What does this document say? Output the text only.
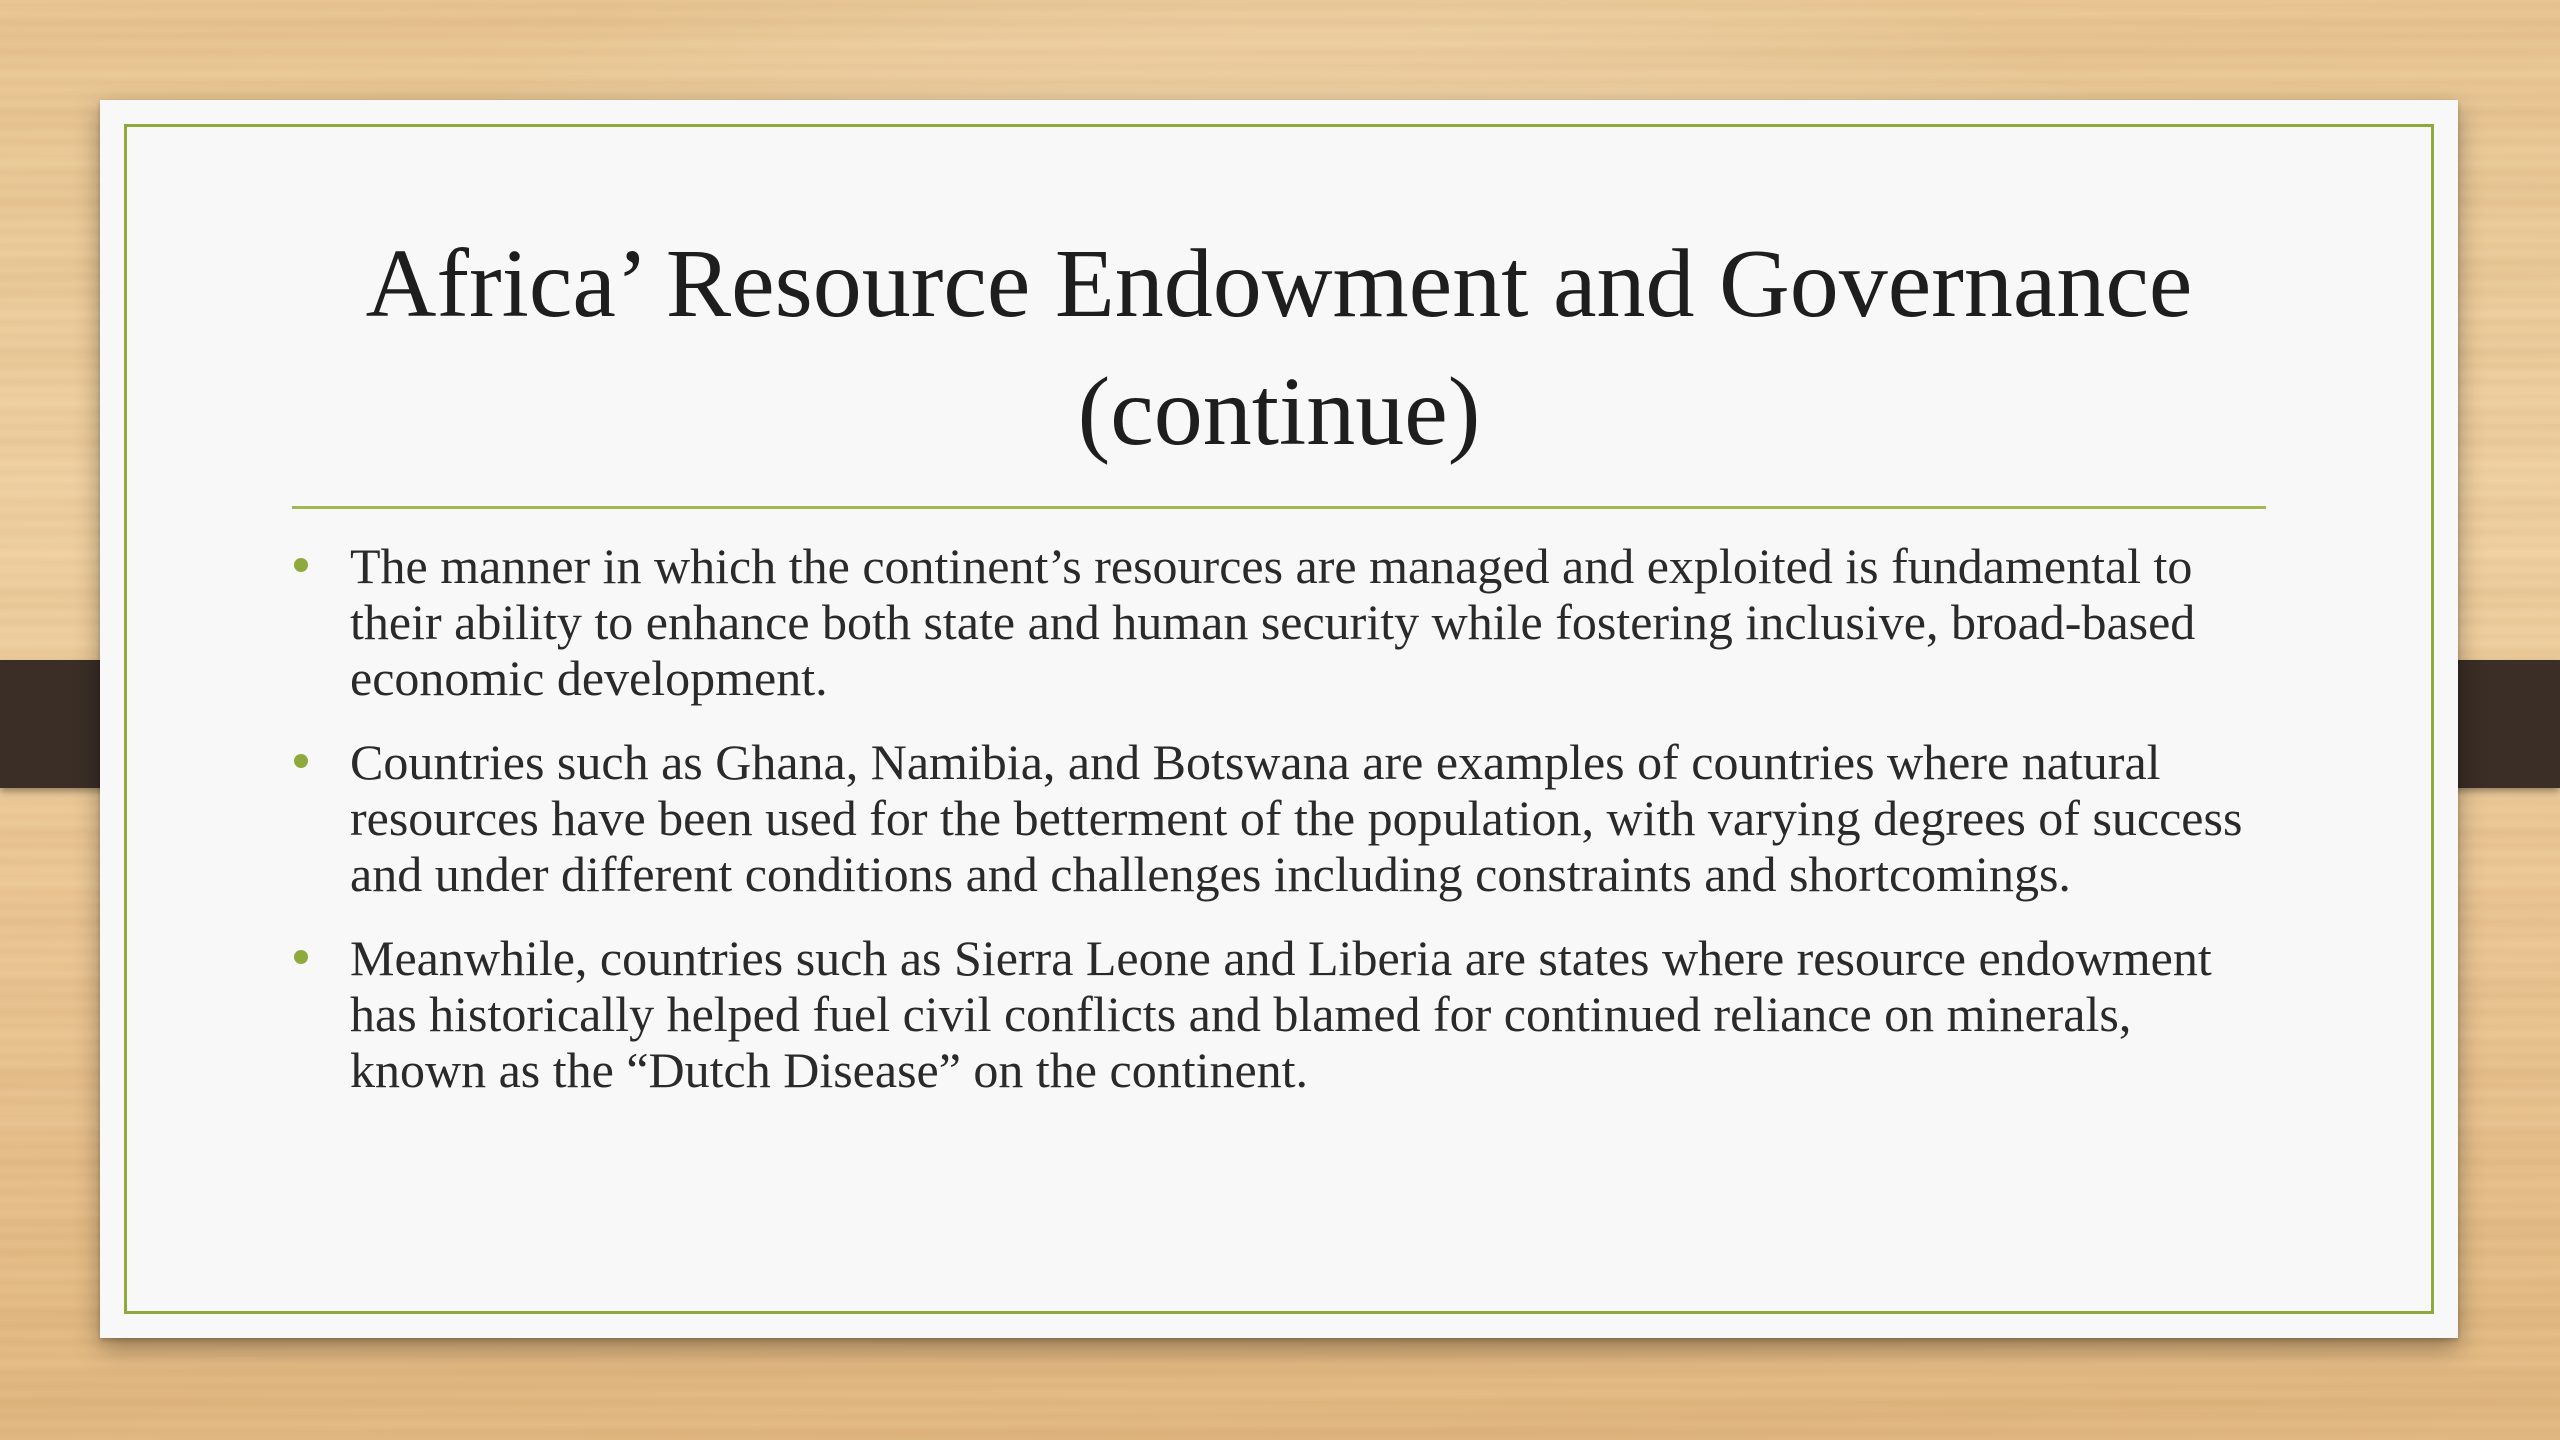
Africa’ Resource Endowment and Governance (continue)
The manner in which the continent’s resources are managed and exploited is fundamental to their ability to enhance both state and human security while fostering inclusive, broad-based economic development.
Countries such as Ghana, Namibia, and Botswana are examples of countries where natural resources have been used for the betterment of the population, with varying degrees of success and under different conditions and challenges including constraints and shortcomings.
Meanwhile, countries such as Sierra Leone and Liberia are states where resource endowment has historically helped fuel civil conflicts and blamed for continued reliance on minerals, known as the “Dutch Disease” on the continent.
